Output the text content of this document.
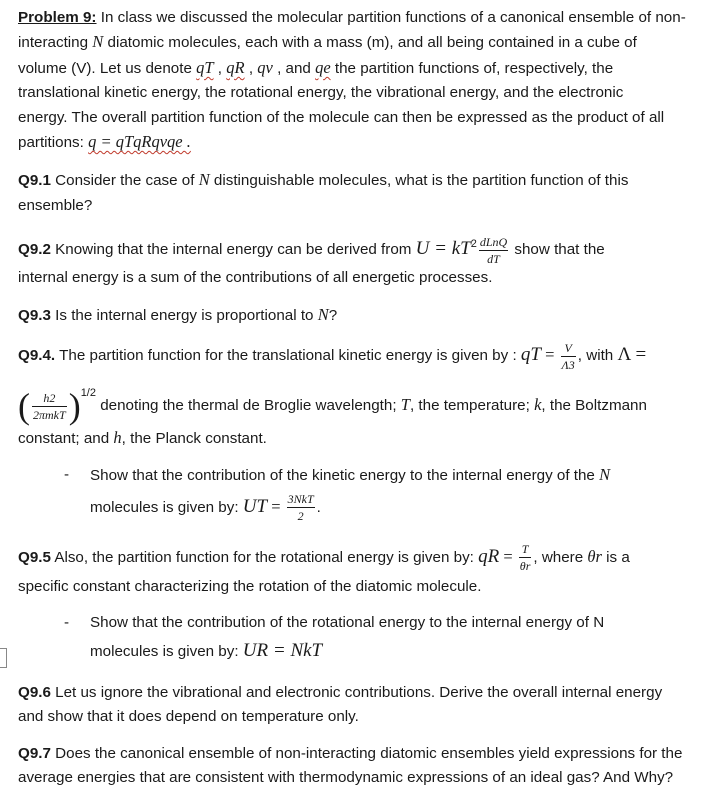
Problem 9: In class we discussed the molecular partition functions of a canonical ensemble of non-
interacting N diatomic molecules, each with a mass (m), and all being contained in a cube of
volume (V). Let us denote qT , qR , qv , and qe the partition functions of, respectively, the
translational kinetic energy, the rotational energy, the vibrational energy, and the electronic
energy. The overall partition function of the molecule can then be expressed as the product of all
partitions: q = qTqRqvqe .
Q9.1 Consider the case of N distinguishable molecules, what is the partition function of this
ensemble?
Q9.2 Knowing that the internal energy can be derived from $U = kT^2 \frac{\text{dLnQ}}{dT}$ show that the
internal energy is a sum of the contributions of all energetic processes.
Q9.3 Is the internal energy is proportional to N?
Q9.4. The partition function for the translational kinetic energy is given by : qT = $\frac{V}{\Lambda 3}$ , with Λ =
( $\frac{h2}{\text{2πmkT}} )^{1/2}$ denoting the thermal de Broglie wavelength; T, the temperature; k, the Boltzmann
constant; and h, the Planck constant.
- Show that the contribution of the kinetic energy to the internal energy of the N
molecules is given by: UT = $\frac{\text{3NkT}}{2}$ .
Q9.5 Also, the partition function for the rotational energy is given by: qR = $\frac{T}{\theta r}$ , where θr is a
specific constant characterizing the rotation of the diatomic molecule.
- Show that the contribution of the rotational energy to the internal energy of N
molecules is given by: UR = NkT
Q9.6 Let us ignore the vibrational and electronic contributions. Derive the overall internal energy
and show that it does depend on temperature only.
Q9.7 Does the canonical ensemble of non-interacting diatomic ensembles yield expressions for the
average energies that are consistent with thermodynamic expressions of an ideal gas? And Why?
